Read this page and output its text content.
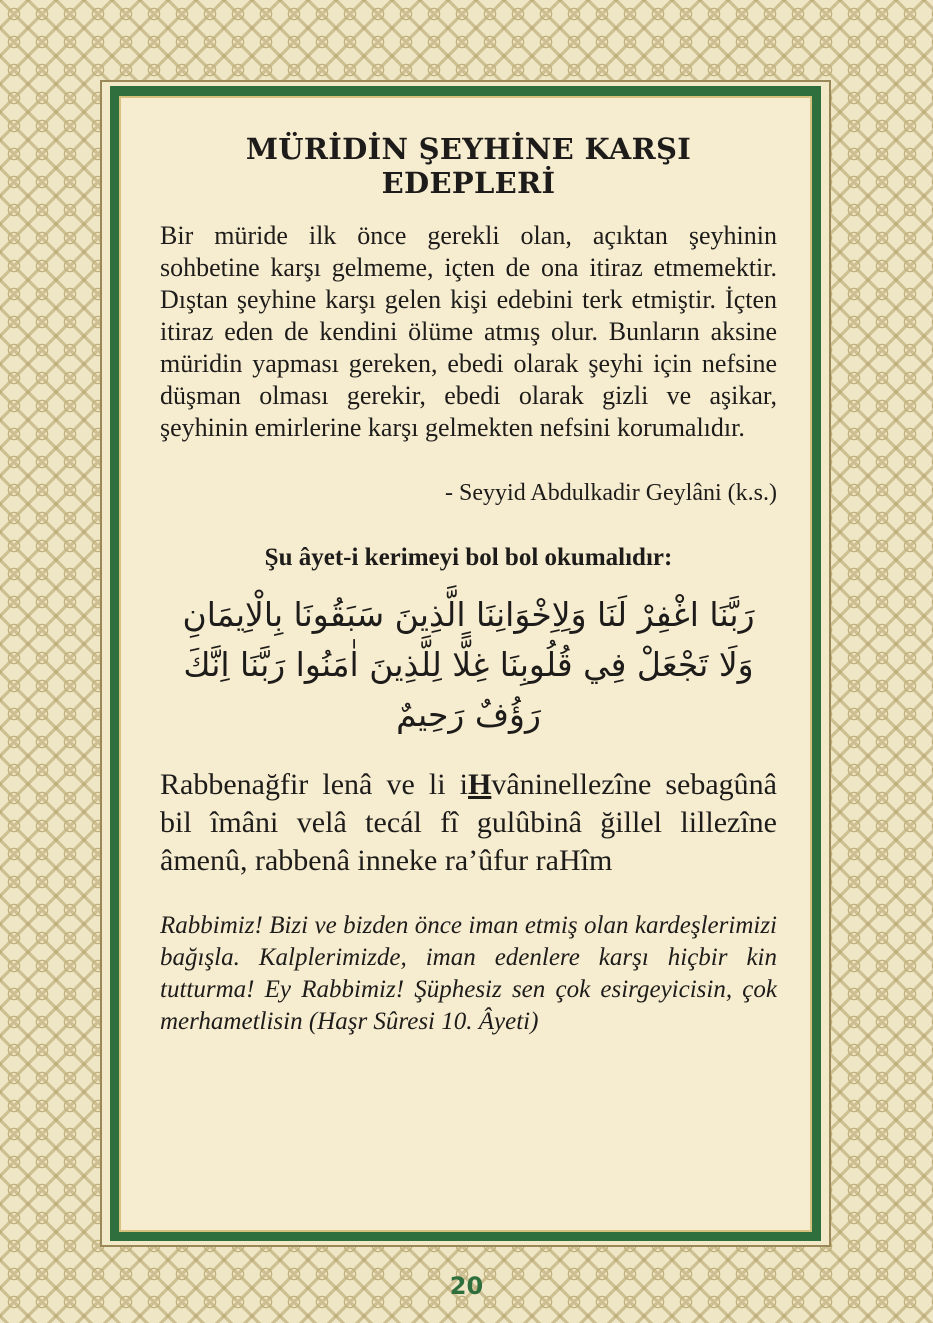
MÜRİDİN ŞEYHİNE KARŞI
EDEPLERİ

Bir müride ilk önce gerekli olan, açıktan şeyhinin sohbetine karşı gelmeme, içten de ona itiraz etmemektir. Dıştan şeyhine karşı gelen kişi edebini terk etmiştir. İçten itiraz eden de kendini ölüme atmış olur. Bunların aksine müridin yapması gereken, ebedi olarak şeyhi için nefsine düşman olması gerekir, ebedi olarak gizli ve aşikar, şeyhinin emirlerine karşı gelmekten nefsini korumalıdır.

- Seyyid Abdulkadir Geylâni (k.s.)

Şu âyet-i kerimeyi bol bol okumalıdır:

رَبَّنَا اغْفِرْ لَنَا وَلِاِخْوَانِنَا الَّذِينَ سَبَقُونَا بِالْاِيمَانِ وَلَا تَجْعَلْ فِي قُلُوبِنَا غِلًّا لِلَّذِينَ اٰمَنُوا رَبَّنَا اِنَّكَ رَؤُفٌ رَحِيمٌ

Rabbenağfir lenâ ve li iHvâninellezîne sebagûnâ bil îmâni velâ tecál fî gulûbinâ ğillel lillezîne âmenû, rabbenâ inneke ra’ûfur raHîm

Rabbimiz! Bizi ve bizden önce iman etmiş olan kardeşlerimizi bağışla. Kalplerimizde, iman edenlere karşı hiçbir kin tutturma! Ey Rabbimiz! Şüphesiz sen çok esirgeyicisin, çok merhametlisin (Haşr Sûresi 10. Âyeti)

20
